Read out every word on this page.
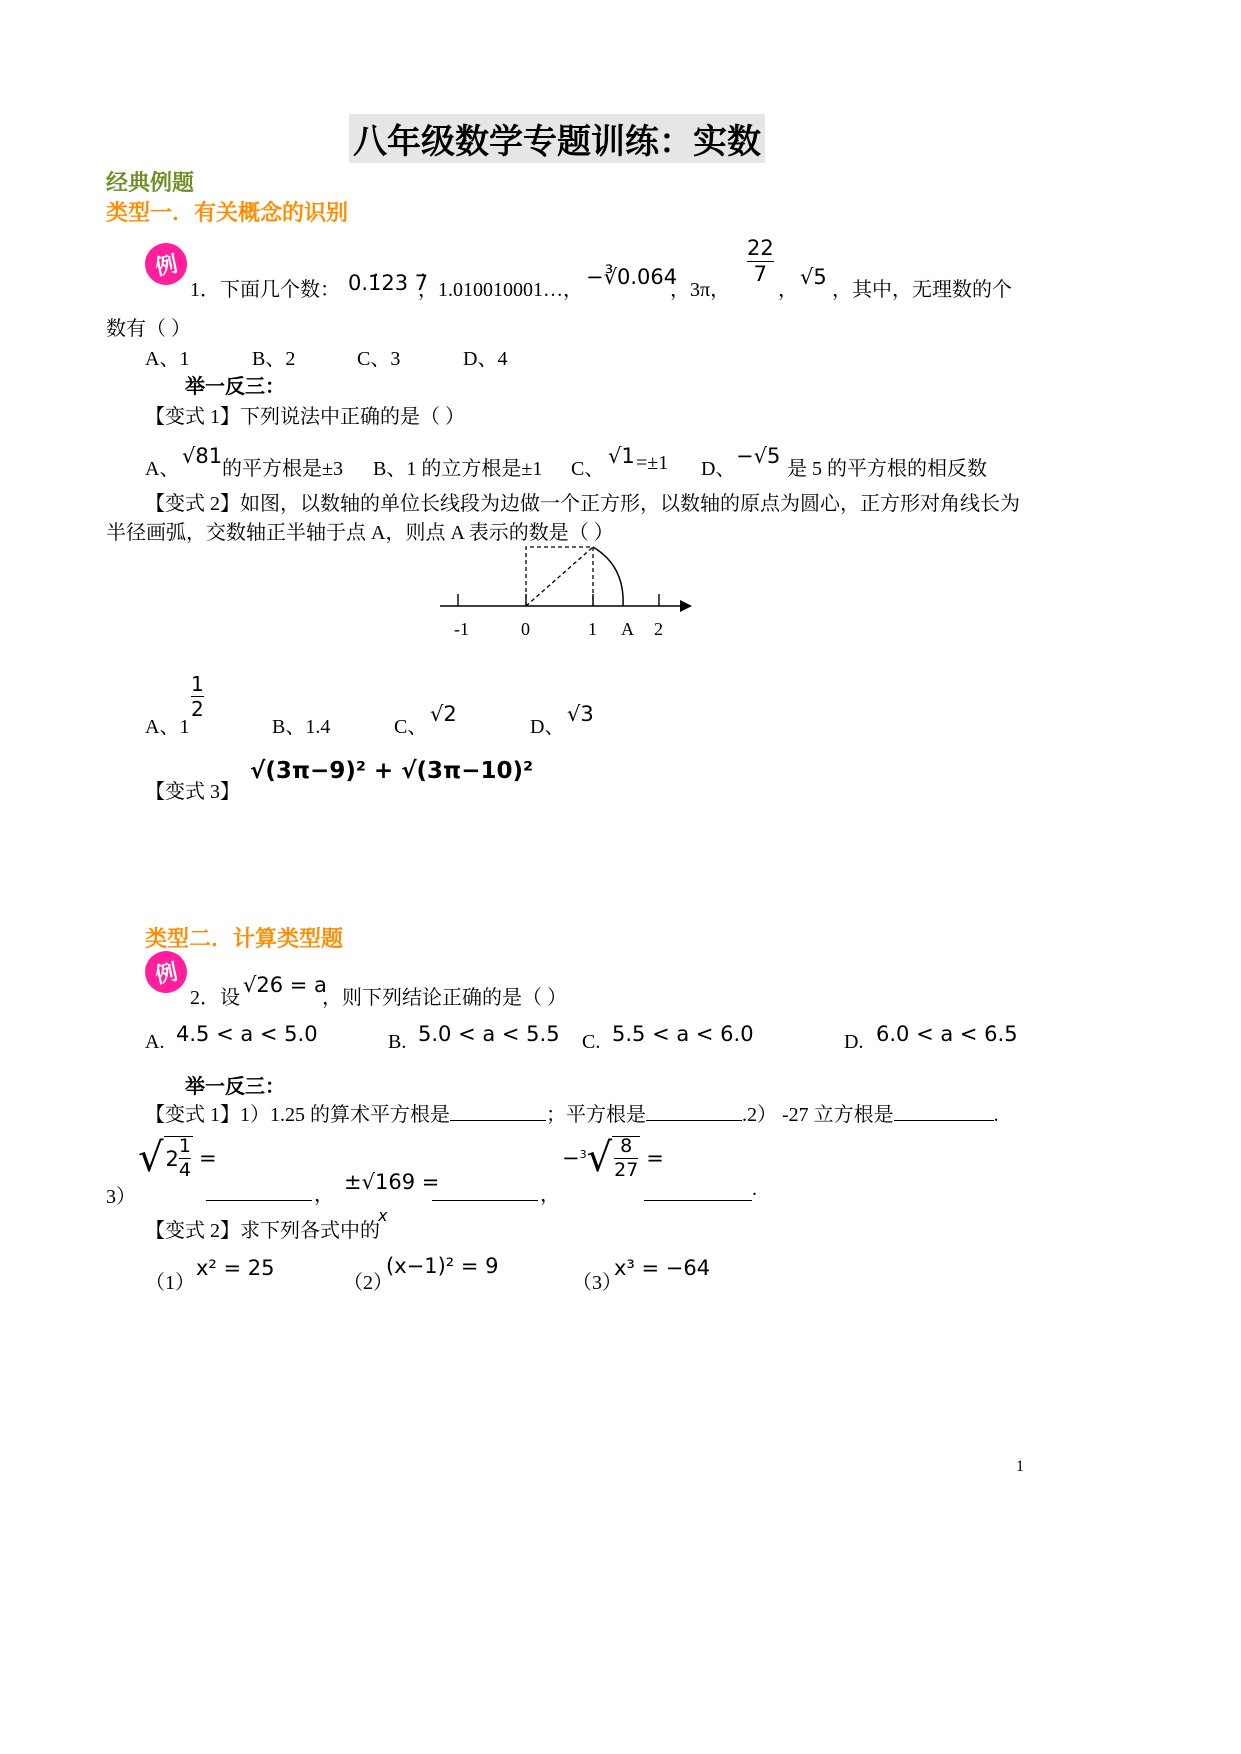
八年级数学专题训练：实数
经典例题
类型一．有关概念的识别
例
1．下面几个数： 0.1̇23 7̇
，1.010010001…，
−∛0.064
，3π，
22
7
，
√5
，其中，无理数的个
数有（ ）
A、1	B、2	C、3	D、4
举一反三：
【变式 1】下列说法中正确的是（ ）
A、
√81
的平方根是±3 B、1 的立方根是±1 C、
√1 =±1 D、
−√5
是 5 的平方根的相反数
【变式 2】如图，以数轴的单位长线段为边做一个正方形，以数轴的原点为圆心，正方形对角线长为
半径画弧，交数轴正半轴于点 A，则点 A 表示的数是（ ）
-1	0	1 A 2
A、1
1
2
B、1.4	C、
√2
D、
√3
【变式 3】
√(3π−9)² + √(3π−10)²
类型二．计算类型题
例
2．设
√26 = a
，则下列结论正确的是（ ）
A. 4.5 < a < 5.0	B. 5.0 < a < 5.5 C. 5.5 < a < 6.0	D. 6.0 < a < 6.5
举一反三：
【变式 1】1）1.25 的算术平方根是	；平方根是	.2） -27 立方根是	.
3）
√ $2 \frac{1}{4}$ =
，
±√169 =
，
− 3 √ $\frac{8}{27}$ =
.
【变式 2】求下列各式中的
x
（1）
x² = 25
（2）
(x−1)² = 9
（3）
x³ = −64
1
